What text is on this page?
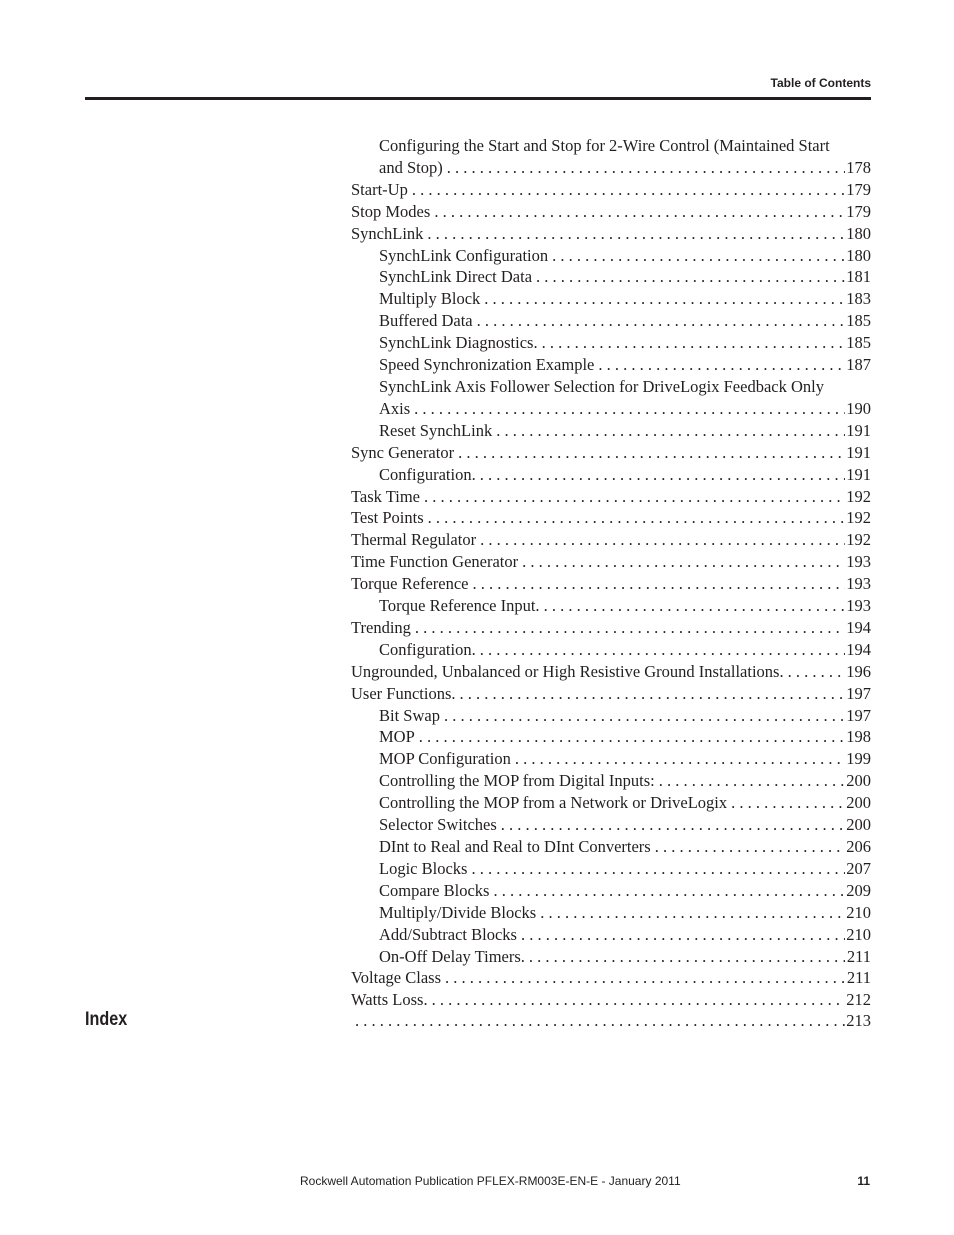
Table of Contents
Configuring the Start and Stop for 2-Wire Control (Maintained Start
and Stop) . . .	178
Start-Up . . .	179
Stop Modes . . .	179
SynchLink . . .	180
SynchLink Configuration . . .	180
SynchLink Direct Data . . .	181
Multiply Block . . .	183
Buffered Data . . .	185
SynchLink Diagnostics. . . .	185
Speed Synchronization Example . . .	187
SynchLink Axis Follower Selection for DriveLogix Feedback Only
Axis . . .	190
Reset SynchLink . . .	191
Sync Generator . . .	191
Configuration. . . .	191
Task Time . . .	192
Test Points . . .	192
Thermal Regulator . . .	192
Time Function Generator . . .	193
Torque Reference . . .	193
Torque Reference Input. . . .	193
Trending . . .	194
Configuration. . . .	194
Ungrounded, Unbalanced or High Resistive Ground Installations. . . .	196
User Functions. . . .	197
Bit Swap . . .	197
MOP . . .	198
MOP Configuration . . .	199
Controlling the MOP from Digital Inputs: . . .	200
Controlling the MOP from a Network or DriveLogix . . .	200
Selector Switches . . .	200
DInt to Real and Real to DInt Converters . . .	206
Logic Blocks . . .	207
Compare Blocks . . .	209
Multiply/Divide Blocks . . .	210
Add/Subtract Blocks . . .	210
On-Off Delay Timers. . . .	211
Voltage Class . . .	211
Watts Loss. . . .	212
Index . . .	213
Rockwell Automation Publication PFLEX-RM003E-EN-E - January 2011	11
